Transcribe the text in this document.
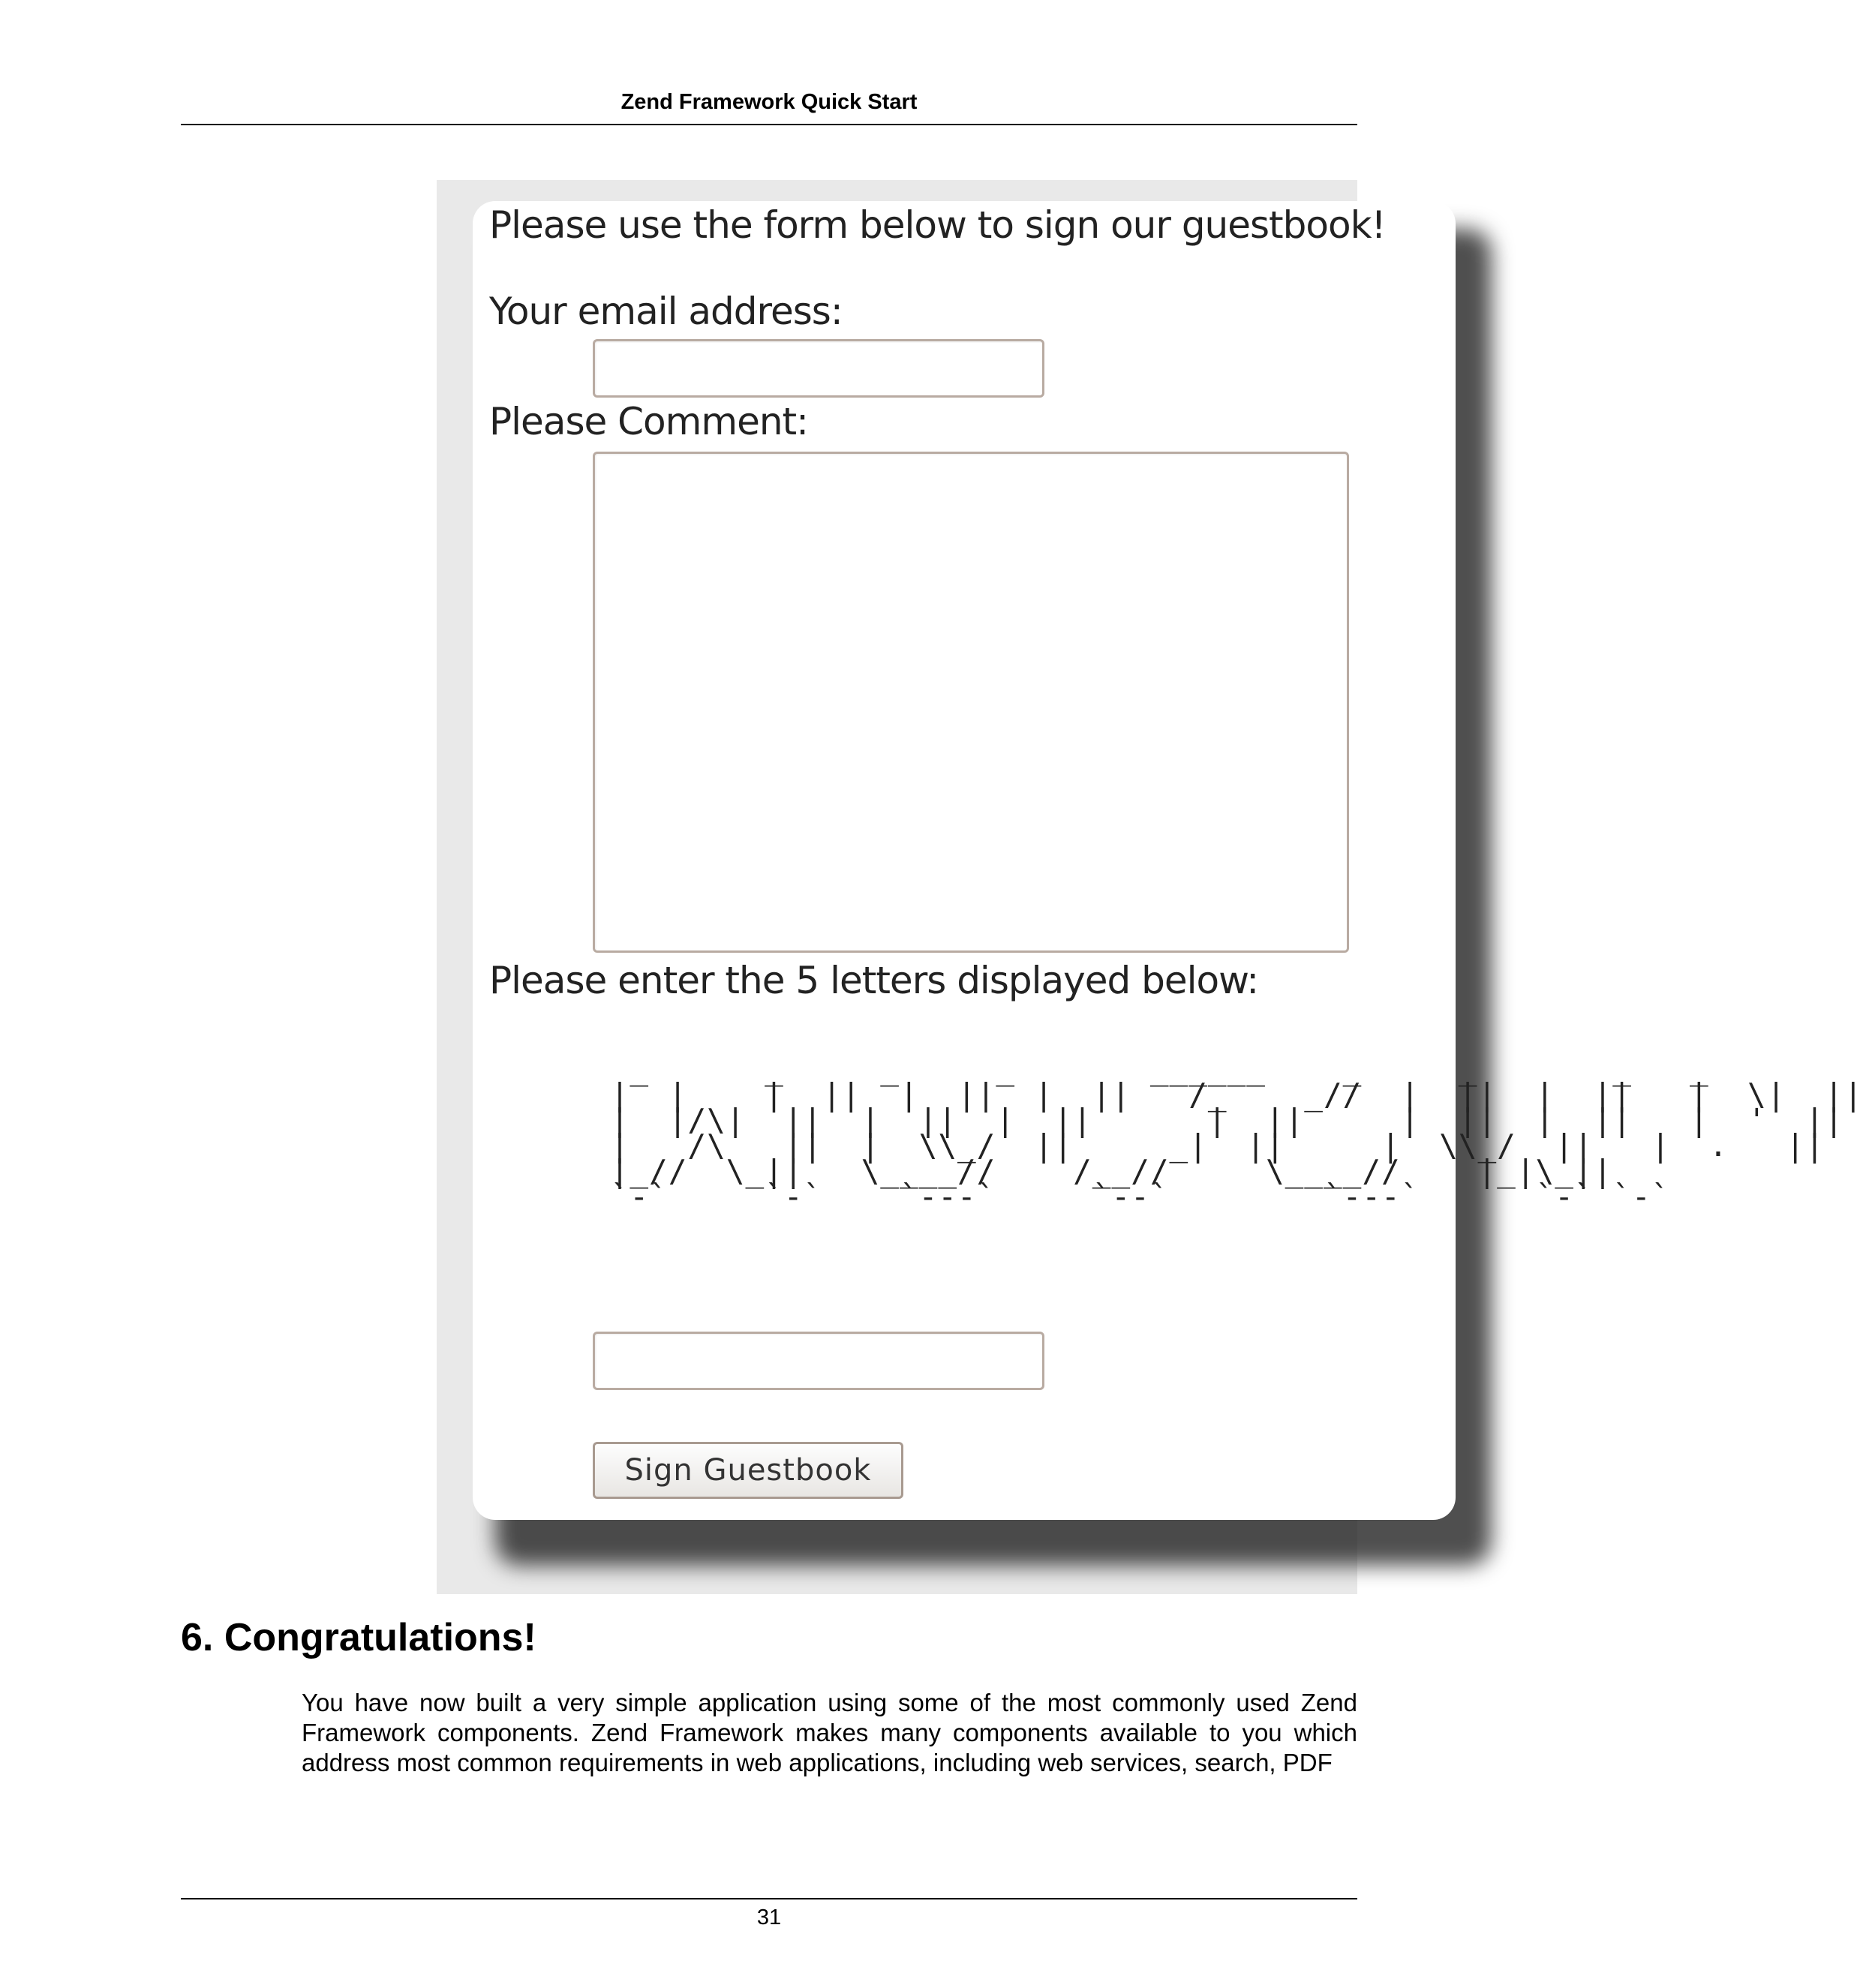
Zend Framework Quick Start
Please use the form below to sign our guestbook!
Your email address:
Please Comment:
Please enter the 5 letters displayed below:
_      _     _     _       ______    _     _       _   _
|  |    |  ||  |  ||  |  ||   /_    _//  |  ||  |  ||   |  \|  ||
|  |/\|  ||  |  ||  |  ||      |  ||     |  ||  |  ||   |  '  ||
|   /\   ||  |  \\_/  ||     _|  ||     |  \\_/  ||   |  .   ||
|_//  \_||   \____//    /__//     \____//    |_|\_||
`-`     `-`    `---`     `--`        `---`      `-` `-`
Sign Guestbook
6. Congratulations!

You have now built a very simple application using some of the most commonly used Zend Framework components. Zend Framework makes many components available to you which address most common requirements in web applications, including web services, search, PDF

31
